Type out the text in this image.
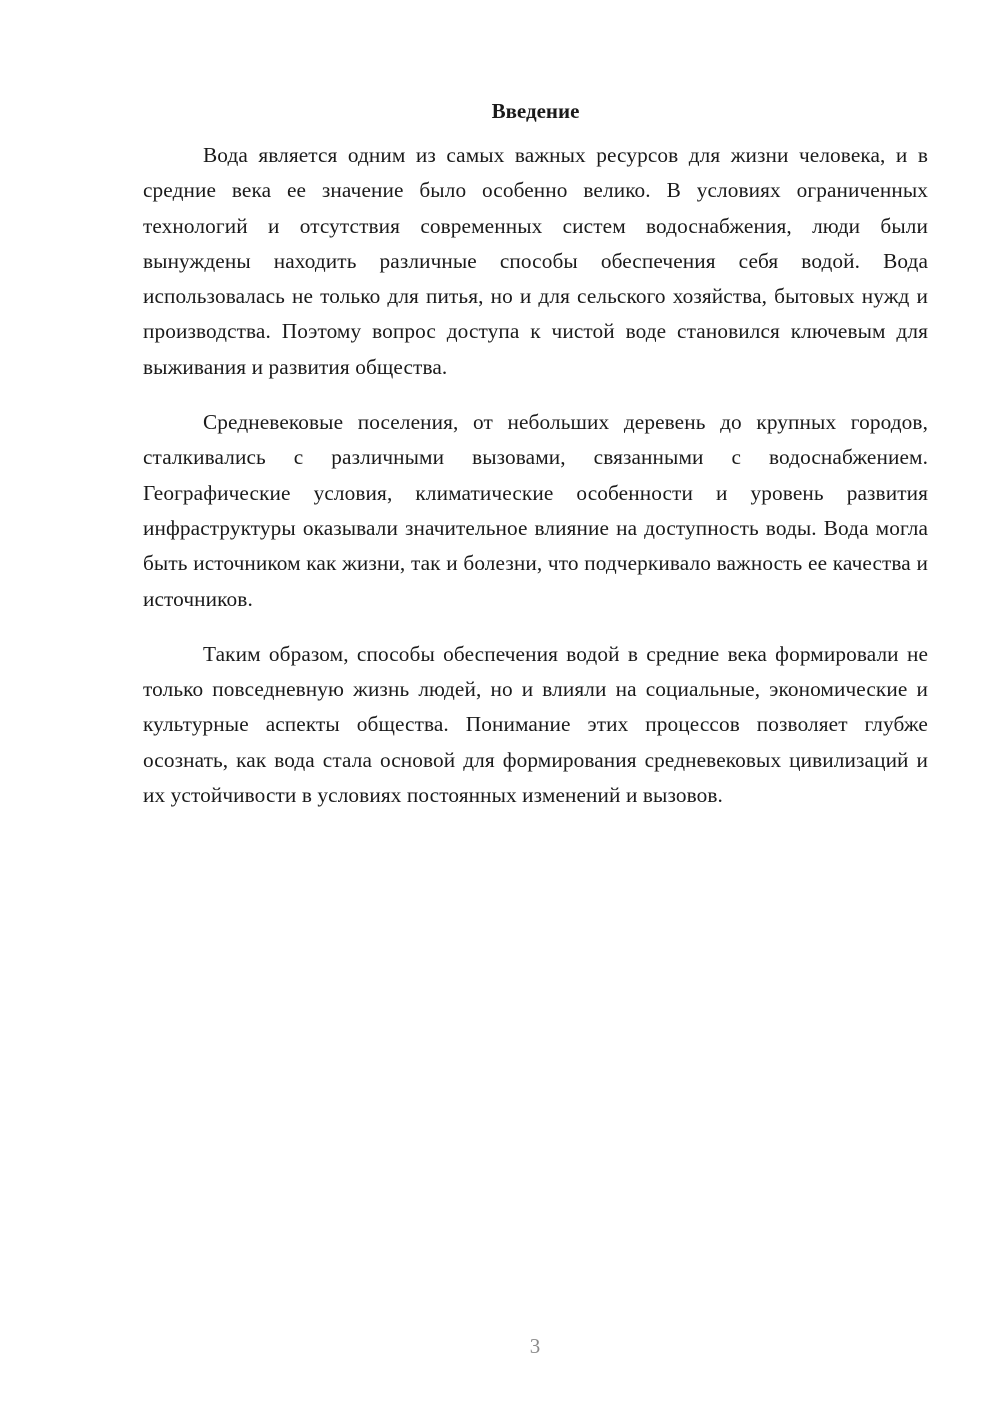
Введение

Вода является одним из самых важных ресурсов для жизни человека, и в средние века ее значение было особенно велико. В условиях ограниченных технологий и отсутствия современных систем водоснабжения, люди были вынуждены находить различные способы обеспечения себя водой. Вода использовалась не только для питья, но и для сельского хозяйства, бытовых нужд и производства. Поэтому вопрос доступа к чистой воде становился ключевым для выживания и развития общества.

Средневековые поселения, от небольших деревень до крупных городов, сталкивались с различными вызовами, связанными с водоснабжением. Географические условия, климатические особенности и уровень развития инфраструктуры оказывали значительное влияние на доступность воды. Вода могла быть источником как жизни, так и болезни, что подчеркивало важность ее качества и источников.

Таким образом, способы обеспечения водой в средние века формировали не только повседневную жизнь людей, но и влияли на социальные, экономические и культурные аспекты общества. Понимание этих процессов позволяет глубже осознать, как вода стала основой для формирования средневековых цивилизаций и их устойчивости в условиях постоянных изменений и вызовов.

3
